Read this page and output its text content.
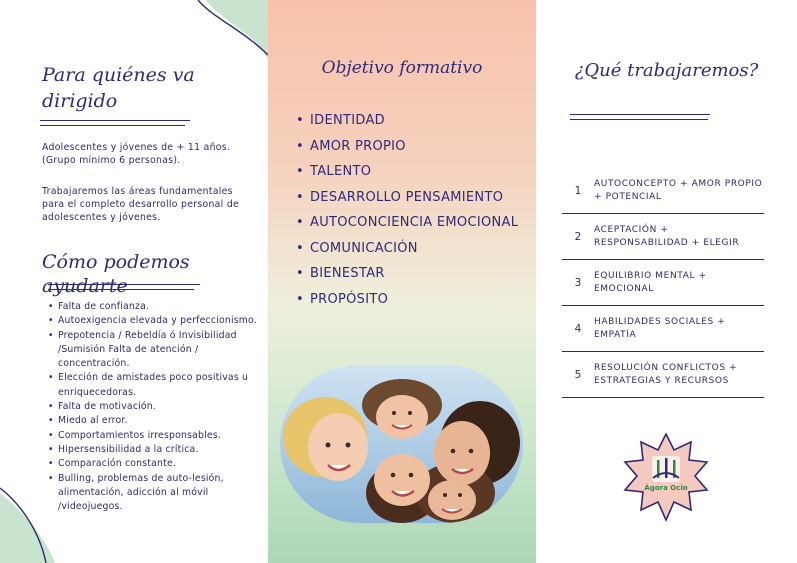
Para quiénes va dirigido

Adolescentes y jóvenes de + 11 años. (Grupo mínimo 6 personas).

Trabajaremos las áreas fundamentales para el completo desarrollo personal de adolescentes y jóvenes.

Cómo podemos ayudarte
• Falta de confianza.
• Autoexigencia elevada y perfeccionismo.
• Prepotencia / Rebeldía ó Invisibilidad /Sumisión Falta de atención / concentración.
• Elección de amistades poco positivas u enriquecedoras.
• Falta de motivación.
• Miedo al error.
• Comportamientos irresponsables.
• Hipersensibilidad a la crítica.
• Comparación constante.
• Bulling, problemas de auto-lesión, alimentación, adicción al móvil /videojuegos.
Objetivo formativo
• IDENTIDAD
• AMOR PROPIO
• TALENTO
• DESARROLLO PENSAMIENTO
• AUTOCONCIENCIA EMOCIONAL
• COMUNICACIÓN
• BIENESTAR
• PROPÓSITO
¿Qué trabajaremos?
1
AUTOCONCEPTO + AMOR PROPIO + POTENCIAL
2
ACEPTACIÓN + RESPONSABILIDAD + ELEGIR
3
EQUILIBRIO MENTAL + EMOCIONAL
4
HABILIDADES SOCIALES + EMPATÍA
5
RESOLUCIÓN CONFLICTOS + ESTRATEGIAS Y RECURSOS
Ágora Ocio
